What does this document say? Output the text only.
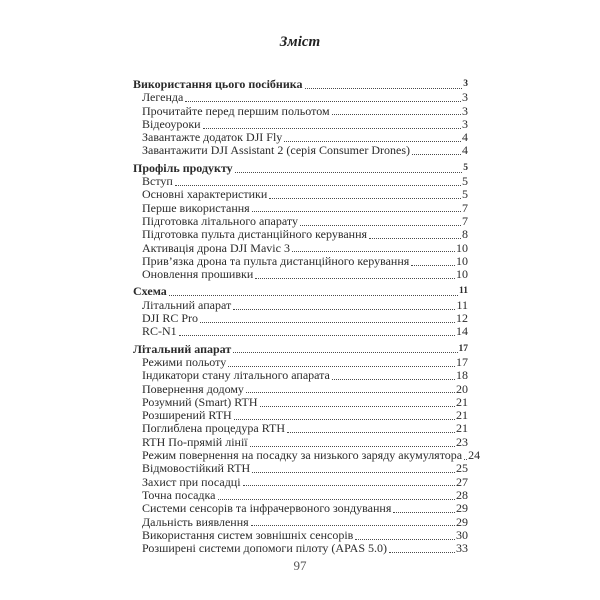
Зміст
Використання цього посібника	3
Легенда	3
Прочитайте перед першим польотом	3
Відеоуроки	3
Завантажте додаток DJI Fly	4
Завантажити DJI Assistant 2 (серія Consumer Drones)	4
Профіль продукту	5
Вступ	5
Основні характеристики	5
Перше використання	7
Підготовка літального апарату	7
Підготовка пульта дистанційного керування	8
Активація дрона DJI Mavic 3	10
Прив’язка дрона та пульта дистанційного керування	10
Оновлення прошивки	10
Схема	11
Літальний апарат	11
DJI RC Pro	12
RC-N1	14
Літальний апарат	17
Режими польоту	17
Індикатори стану літального апарата	18
Повернення додому	20
Розумний (Smart) RTH	21
Розширений RTH	21
Поглиблена процедура RTH	21
RTH По-прямій лінії	23
Режим повернення на посадку за низького заряду акумулятора 24
Відмовостійкий RTH	25
Захист при посадці	27
Точна посадка	28
Системи сенсорів та інфрачервоного зондування	29
Дальність виявлення	29
Використання систем зовнішніх сенсорів	30
Розширені системи допомоги пілоту (APAS 5.0)	33
97
